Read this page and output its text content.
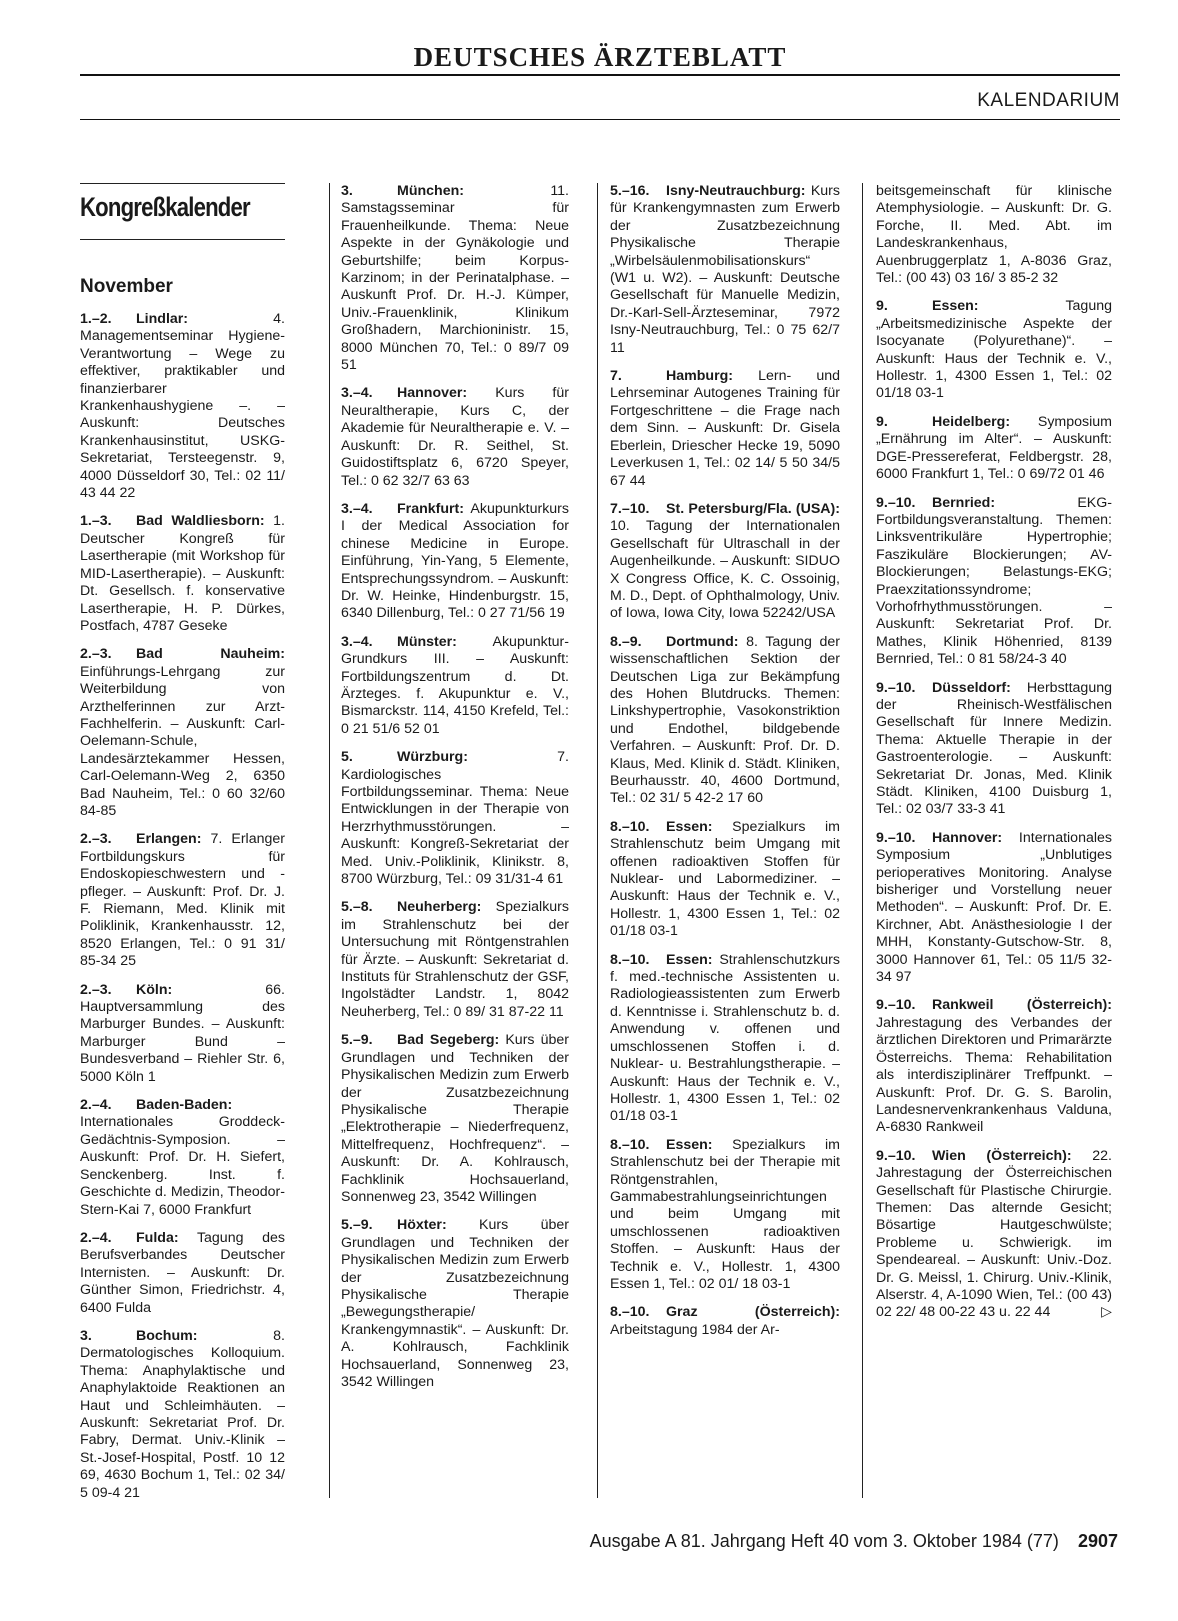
DEUTSCHES ÄRZTEBLATT
KALENDARIUM
Kongreßkalender
November

1.–2. Lindlar:	4. Managementseminar Hygiene-Verantwortung – Wege zu effektiver, praktikabler und finanzierbarer Krankenhaushygiene –. – Auskunft: Deutsches Krankenhausinstitut, USKG-Sekretariat, Tersteegenstr. 9, 4000 Düsseldorf 30, Tel.: 02 11/ 43 44 22

1.–3. Bad Waldliesborn: 1. Deutscher Kongreß für Lasertherapie (mit Workshop für MID-Lasertherapie). – Auskunft: Dt. Gesellsch. f. konservative Lasertherapie, H. P. Dürkes, Postfach, 4787 Geseke

2.–3. Bad Nauheim: Einführungs-Lehrgang zur Weiterbildung von Arzthelferinnen zur Arzt-Fachhelferin. – Auskunft: Carl-Oelemann-Schule, Landesärztekammer Hessen, Carl-Oelemann-Weg 2, 6350 Bad Nauheim, Tel.: 0 60 32/60 84-85

2.–3. Erlangen: 7. Erlanger Fortbildungskurs für Endoskopieschwestern und -pfleger. – Auskunft: Prof. Dr. J. F. Riemann, Med. Klinik mit Poliklinik, Krankenhausstr. 12, 8520 Erlangen, Tel.: 0 91 31/ 85-34 25

2.–3. Köln:	66. Hauptversammlung des Marburger Bundes. – Auskunft: Marburger Bund – Bundesverband – Riehler Str. 6, 5000 Köln 1

2.–4. Baden-Baden: Internationales Groddeck-Gedächtnis-Symposion. – Auskunft: Prof. Dr. H. Siefert, Senckenberg. Inst. f. Geschichte d. Medizin, Theodor-Stern-Kai 7, 6000 Frankfurt

2.–4. Fulda: Tagung des Berufsverbandes Deutscher Internisten. – Auskunft: Dr. Günther Simon, Friedrichstr. 4, 6400 Fulda

3.	Bochum:	8. Dermatologisches Kolloquium. Thema: Anaphylaktische und Anaphylaktoide Reaktionen an Haut und Schleimhäuten. – Auskunft: Sekretariat Prof. Dr. Fabry, Dermat. Univ.-Klinik – St.-Josef-Hospital, Postf. 10 12 69, 4630 Bochum 1, Tel.: 02 34/ 5 09-4 21

3.	München:	11. Samstagsseminar für Frauenheilkunde. Thema: Neue Aspekte in der Gynäkologie und Geburtshilfe; beim Korpus-Karzinom; in der Perinatalphase. – Auskunft Prof. Dr. H.-J. Kümper, Univ.-Frauenklinik, Klinikum Großhadern, Marchioninistr. 15, 8000 München 70, Tel.: 0 89/7 09 51

3.–4. Hannover: Kurs für Neuraltherapie, Kurs C, der Akademie für Neuraltherapie e. V. – Auskunft: Dr. R. Seithel, St. Guidostiftsplatz 6, 6720 Speyer, Tel.: 0 62 32/7 63 63

3.–4. Frankfurt: Akupunkturkurs I der Medical Association for chinese Medicine in Europe. Einführung, Yin-Yang, 5 Elemente, Entsprechungssyndrom. – Auskunft: Dr. W. Heinke, Hindenburgstr. 15, 6340 Dillenburg, Tel.: 0 27 71/56 19

3.–4. Münster:	Akupunktur-Grundkurs III. – Auskunft: Fortbildungszentrum d. Dt. Ärzteges. f. Akupunktur e. V., Bismarckstr. 114, 4150 Krefeld, Tel.: 0 21 51/6 52 01

5.	Würzburg:	7. Kardiologisches Fortbildungsseminar. Thema: Neue Entwicklungen in der Therapie von Herzrhythmusstörungen. – Auskunft: Kongreß-Sekretariat der Med. Univ.-Poliklinik, Klinikstr. 8, 8700 Würzburg, Tel.: 09 31/31-4 61

5.–8. Neuherberg: Spezialkurs im Strahlenschutz bei der Untersuchung mit Röntgenstrahlen für Ärzte. – Auskunft: Sekretariat d. Instituts für Strahlenschutz der GSF, Ingolstädter Landstr. 1, 8042 Neuherberg, Tel.: 0 89/ 31 87-22 11

5.–9. Bad Segeberg: Kurs über Grundlagen und Techniken der Physikalischen Medizin zum Erwerb der Zusatzbezeichnung Physikalische Therapie „Elektrotherapie – Niederfrequenz, Mittelfrequenz, Hochfrequenz“. – Auskunft: Dr. A. Kohlrausch, Fachklinik Hochsauerland, Sonnenweg 23, 3542 Willingen

5.–9. Höxter: Kurs über Grundlagen und Techniken der Physikalischen Medizin zum Erwerb der Zusatzbezeichnung Physikalische Therapie „Bewegungstherapie/ Krankengymnastik“. – Auskunft: Dr. A. Kohlrausch, Fachklinik Hochsauerland, Sonnenweg 23, 3542 Willingen

5.–16. Isny-Neutrauchburg: Kurs für Krankengymnasten zum Erwerb der Zusatzbezeichnung Physikalische Therapie „Wirbelsäulenmobilisationskurs“ (W1 u. W2). – Auskunft: Deutsche Gesellschaft für Manuelle Medizin, Dr.-Karl-Sell-Ärzteseminar, 7972 Isny-Neutrauchburg, Tel.: 0 75 62/7 11

7.	Hamburg: Lern- und Lehrseminar Autogenes Training für Fortgeschrittene – die Frage nach dem Sinn. – Auskunft: Dr. Gisela Eberlein, Driescher Hecke 19, 5090 Leverkusen 1, Tel.: 02 14/ 5 50 34/5 67 44

7.–10. St. Petersburg/Fla. (USA): 10. Tagung der Internationalen Gesellschaft für Ultraschall in der Augenheilkunde. – Auskunft: SIDUO X Congress Office, K. C. Ossoinig, M. D., Dept. of Ophthalmology, Univ. of Iowa, Iowa City, Iowa 52242/USA

8.–9. Dortmund: 8. Tagung der wissenschaftlichen Sektion der Deutschen Liga zur Bekämpfung des Hohen Blutdrucks. Themen: Linkshypertrophie, Vasokonstriktion und Endothel, bildgebende Verfahren. – Auskunft: Prof. Dr. D. Klaus, Med. Klinik d. Städt. Kliniken, Beurhausstr. 40, 4600 Dortmund, Tel.: 02 31/ 5 42-2 17 60

8.–10. Essen: Spezialkurs im Strahlenschutz beim Umgang mit offenen radioaktiven Stoffen für Nuklear- und Labormediziner. – Auskunft: Haus der Technik e. V., Hollestr. 1, 4300 Essen 1, Tel.: 02 01/18 03-1

8.–10. Essen: Strahlenschutzkurs f. med.-technische Assistenten u. Radiologieassistenten zum Erwerb d. Kenntnisse i. Strahlenschutz b. d. Anwendung v. offenen und umschlossenen Stoffen i. d. Nuklear- u. Bestrahlungstherapie. – Auskunft: Haus der Technik e. V., Hollestr. 1, 4300 Essen 1, Tel.: 02 01/18 03-1

8.–10. Essen: Spezialkurs im Strahlenschutz bei der Therapie mit Röntgenstrahlen, Gammabestrahlungseinrichtungen und beim Umgang mit umschlossenen radioaktiven Stoffen. – Auskunft: Haus der Technik e. V., Hollestr. 1, 4300 Essen 1, Tel.: 02 01/ 18 03-1

8.–10. Graz (Österreich): Arbeitstagung 1984 der Ar-

beitsgemeinschaft für klinische Atemphysiologie. – Auskunft: Dr. G. Forche, II. Med. Abt. im Landeskrankenhaus, Auenbruggerplatz 1, A-8036 Graz, Tel.: (00 43) 03 16/ 3 85-2 32

9.	Essen:	Tagung „Arbeitsmedizinische Aspekte der Isocyanate (Polyurethane)“. – Auskunft: Haus der Technik e. V., Hollestr. 1, 4300 Essen 1, Tel.: 02 01/18 03-1

9.	Heidelberg: Symposium „Ernährung im Alter“. – Auskunft: DGE-Pressereferat, Feldbergstr. 28, 6000 Frankfurt 1, Tel.: 0 69/72 01 46

9.–10. Bernried:	EKG-Fortbildungsveranstaltung. Themen: Linksventrikuläre Hypertrophie; Faszikuläre Blockierungen; AV-Blockierungen; Belastungs-EKG; Praexzitationssyndrome; Vorhofrhythmusstörungen. – Auskunft: Sekretariat Prof. Dr. Mathes, Klinik Höhenried, 8139 Bernried, Tel.: 0 81 58/24-3 40

9.–10. Düsseldorf: Herbsttagung der Rheinisch-Westfälischen Gesellschaft für Innere Medizin. Thema: Aktuelle Therapie in der Gastroenterologie. – Auskunft: Sekretariat Dr. Jonas, Med. Klinik Städt. Kliniken, 4100 Duisburg 1, Tel.: 02 03/7 33-3 41

9.–10. Hannover: Internationales Symposium „Unblutiges perioperatives Monitoring. Analyse bisheriger und Vorstellung neuer Methoden“. – Auskunft: Prof. Dr. E. Kirchner, Abt. Anästhesiologie I der MHH, Konstanty-Gutschow-Str. 8, 3000 Hannover 61, Tel.: 05 11/5 32-34 97

9.–10. Rankweil (Österreich): Jahrestagung des Verbandes der ärztlichen Direktoren und Primarärzte Österreichs. Thema: Rehabilitation als interdisziplinärer Treffpunkt. – Auskunft: Prof. Dr. G. S. Barolin, Landesnervenkrankenhaus Valduna, A-6830 Rankweil

9.–10. Wien (Österreich): 22. Jahrestagung der Österreichischen Gesellschaft für Plastische Chirurgie. Themen: Das alternde Gesicht; Bösartige Hautgeschwülste; Probleme u. Schwierigk. im Spendeareal. – Auskunft: Univ.-Doz. Dr. G. Meissl, 1. Chirurg. Univ.-Klinik, Alserstr. 4, A-1090 Wien, Tel.: (00 43) 02 22/ 48 00-22 43 u. 22 44	▷

Ausgabe A 81. Jahrgang Heft 40 vom 3. Oktober 1984 (77) 2907
